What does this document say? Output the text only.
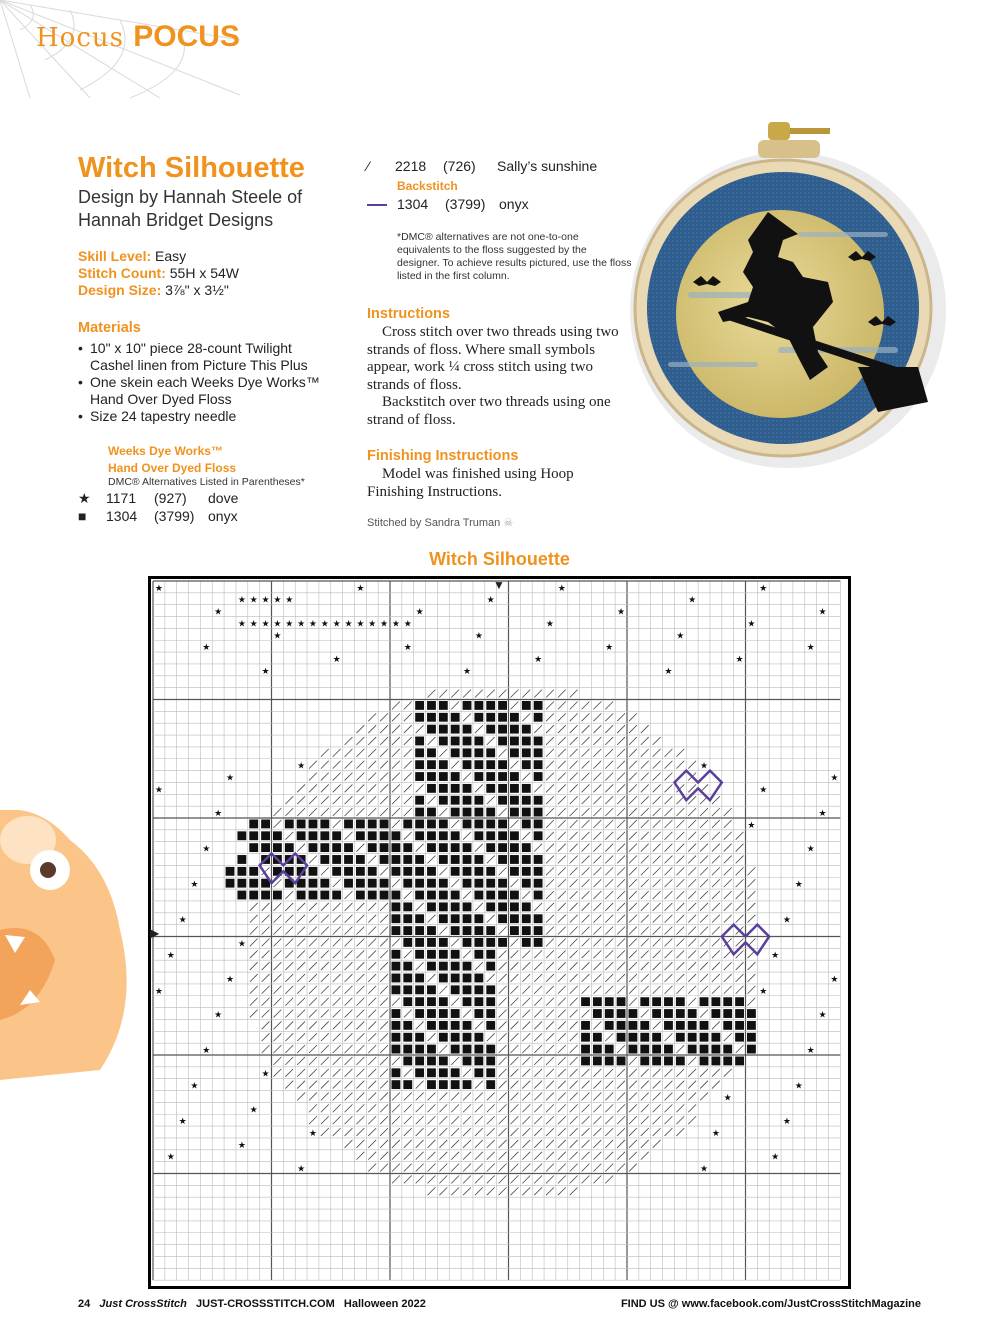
Hocus POCUS
Witch Silhouette
Design by Hannah Steele of
Hannah Bridget Designs
Skill Level: Easy
Stitch Count: 55H x 54W
Design Size: 3⅞" x 3½"
Materials
• 10" x 10" piece 28-count Twilight Cashel linen from Picture This Plus
• One skein each Weeks Dye Works™ Hand Over Dyed Floss
• Size 24 tapestry needle
Weeks Dye Works™
Hand Over Dyed Floss
DMC® Alternatives Listed in Parentheses*
★ 1171 (927) dove
■ 1304 (3799) onyx
⁄ 2218 (726) Sally’s sunshine
Backstitch
1304 (3799) onyx
*DMC® alternatives are not one-to-one equivalents to the floss suggested by the designer. To achieve results pictured, use the floss listed in the first column.
Instructions

Cross stitch over two threads using two strands of floss. Where small symbols appear, work ¼ cross stitch using two strands of floss.

Backstitch over two threads using one strand of floss.

Finishing Instructions

Model was finished using Hoop Finishing Instructions.

Stitched by Sandra Truman ☠
Witch Silhouette
★	★	★	★
★ ★ ★ ★ ★	★	★
★	★	★	★
★ ★ ★ ★ ★ ★ ★ ★ ★ ★ ★ ★ ★ ★ ★	★	★
★	★	★
★	★	★	★
★	★	★
★	★	★
★	★
★	★
★	★
★	★
★
★	★
★	★
★	★
★
★	★
★	★
★	★
★	★
★	★
★
★	★
★
★
★	★
★	★
★
★	★
★	★
▼
▶
24 Just CrossStitch JUST-CROSSSTITCH.COM Halloween 2022	FIND US @ www.facebook.com/JustCrossStitchMagazine
